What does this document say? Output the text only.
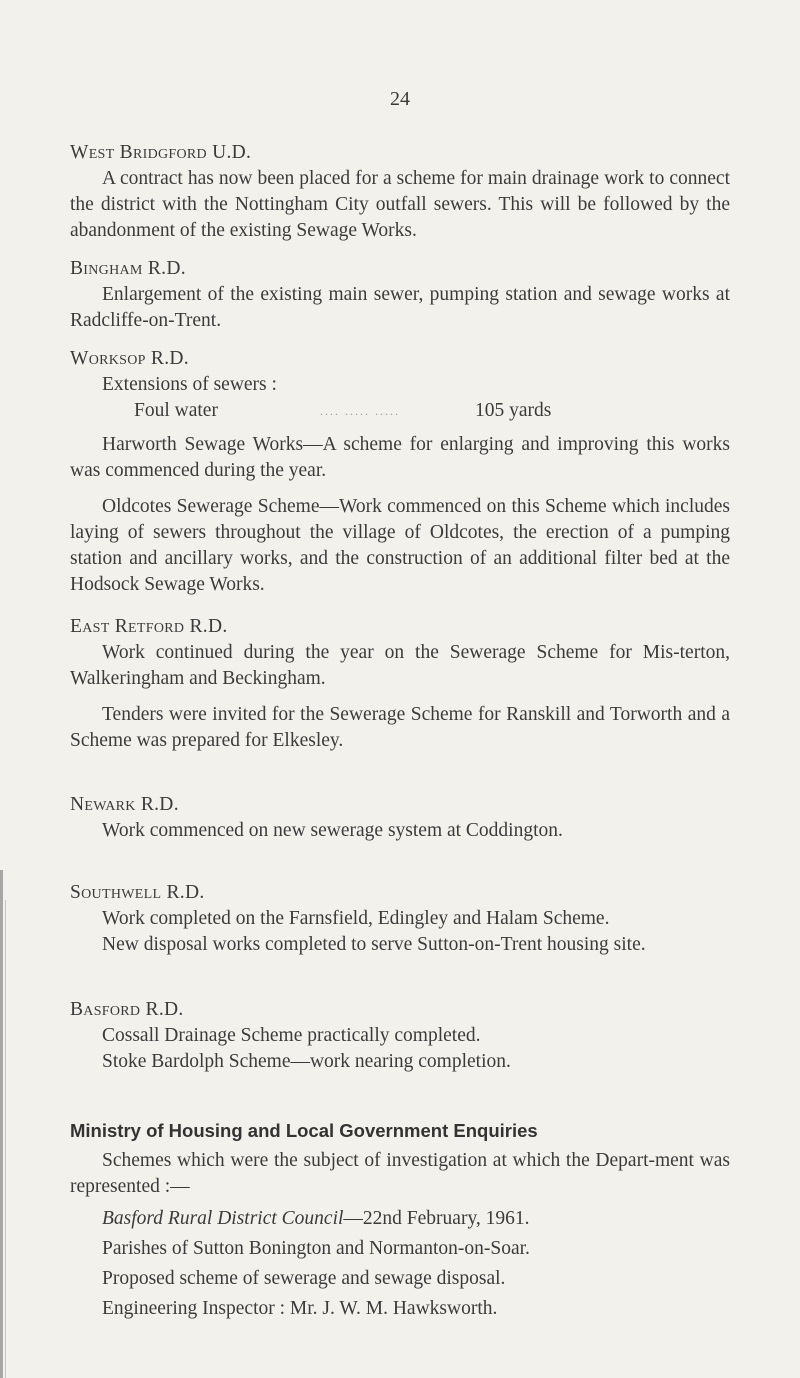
24

West Bridgford U.D.

A contract has now been placed for a scheme for main drainage work to connect the district with the Nottingham City outfall sewers. This will be followed by the abandonment of the existing Sewage Works.

Bingham R.D.

Enlargement of the existing main sewer, pumping station and sewage works at Radcliffe-on-Trent.

Worksop R.D.

Extensions of sewers :

Foul water	.... ..... .....	105 yards

Harworth Sewage Works—A scheme for enlarging and improving this works was commenced during the year.

Oldcotes Sewerage Scheme—Work commenced on this Scheme which includes laying of sewers throughout the village of Oldcotes, the erection of a pumping station and ancillary works, and the construction of an additional filter bed at the Hodsock Sewage Works.

East Retford R.D.

Work continued during the year on the Sewerage Scheme for Mis-terton, Walkeringham and Beckingham.

Tenders were invited for the Sewerage Scheme for Ranskill and Torworth and a Scheme was prepared for Elkesley.

Newark R.D.

Work commenced on new sewerage system at Coddington.

Southwell R.D.

Work completed on the Farnsfield, Edingley and Halam Scheme.

New disposal works completed to serve Sutton-on-Trent housing site.

Basford R.D.

Cossall Drainage Scheme practically completed.

Stoke Bardolph Scheme—work nearing completion.

Ministry of Housing and Local Government Enquiries

Schemes which were the subject of investigation at which the Depart-ment was represented :—

Basford Rural District Council—22nd February, 1961.

Parishes of Sutton Bonington and Normanton-on-Soar.

Proposed scheme of sewerage and sewage disposal.

Engineering Inspector : Mr. J. W. M. Hawksworth.
